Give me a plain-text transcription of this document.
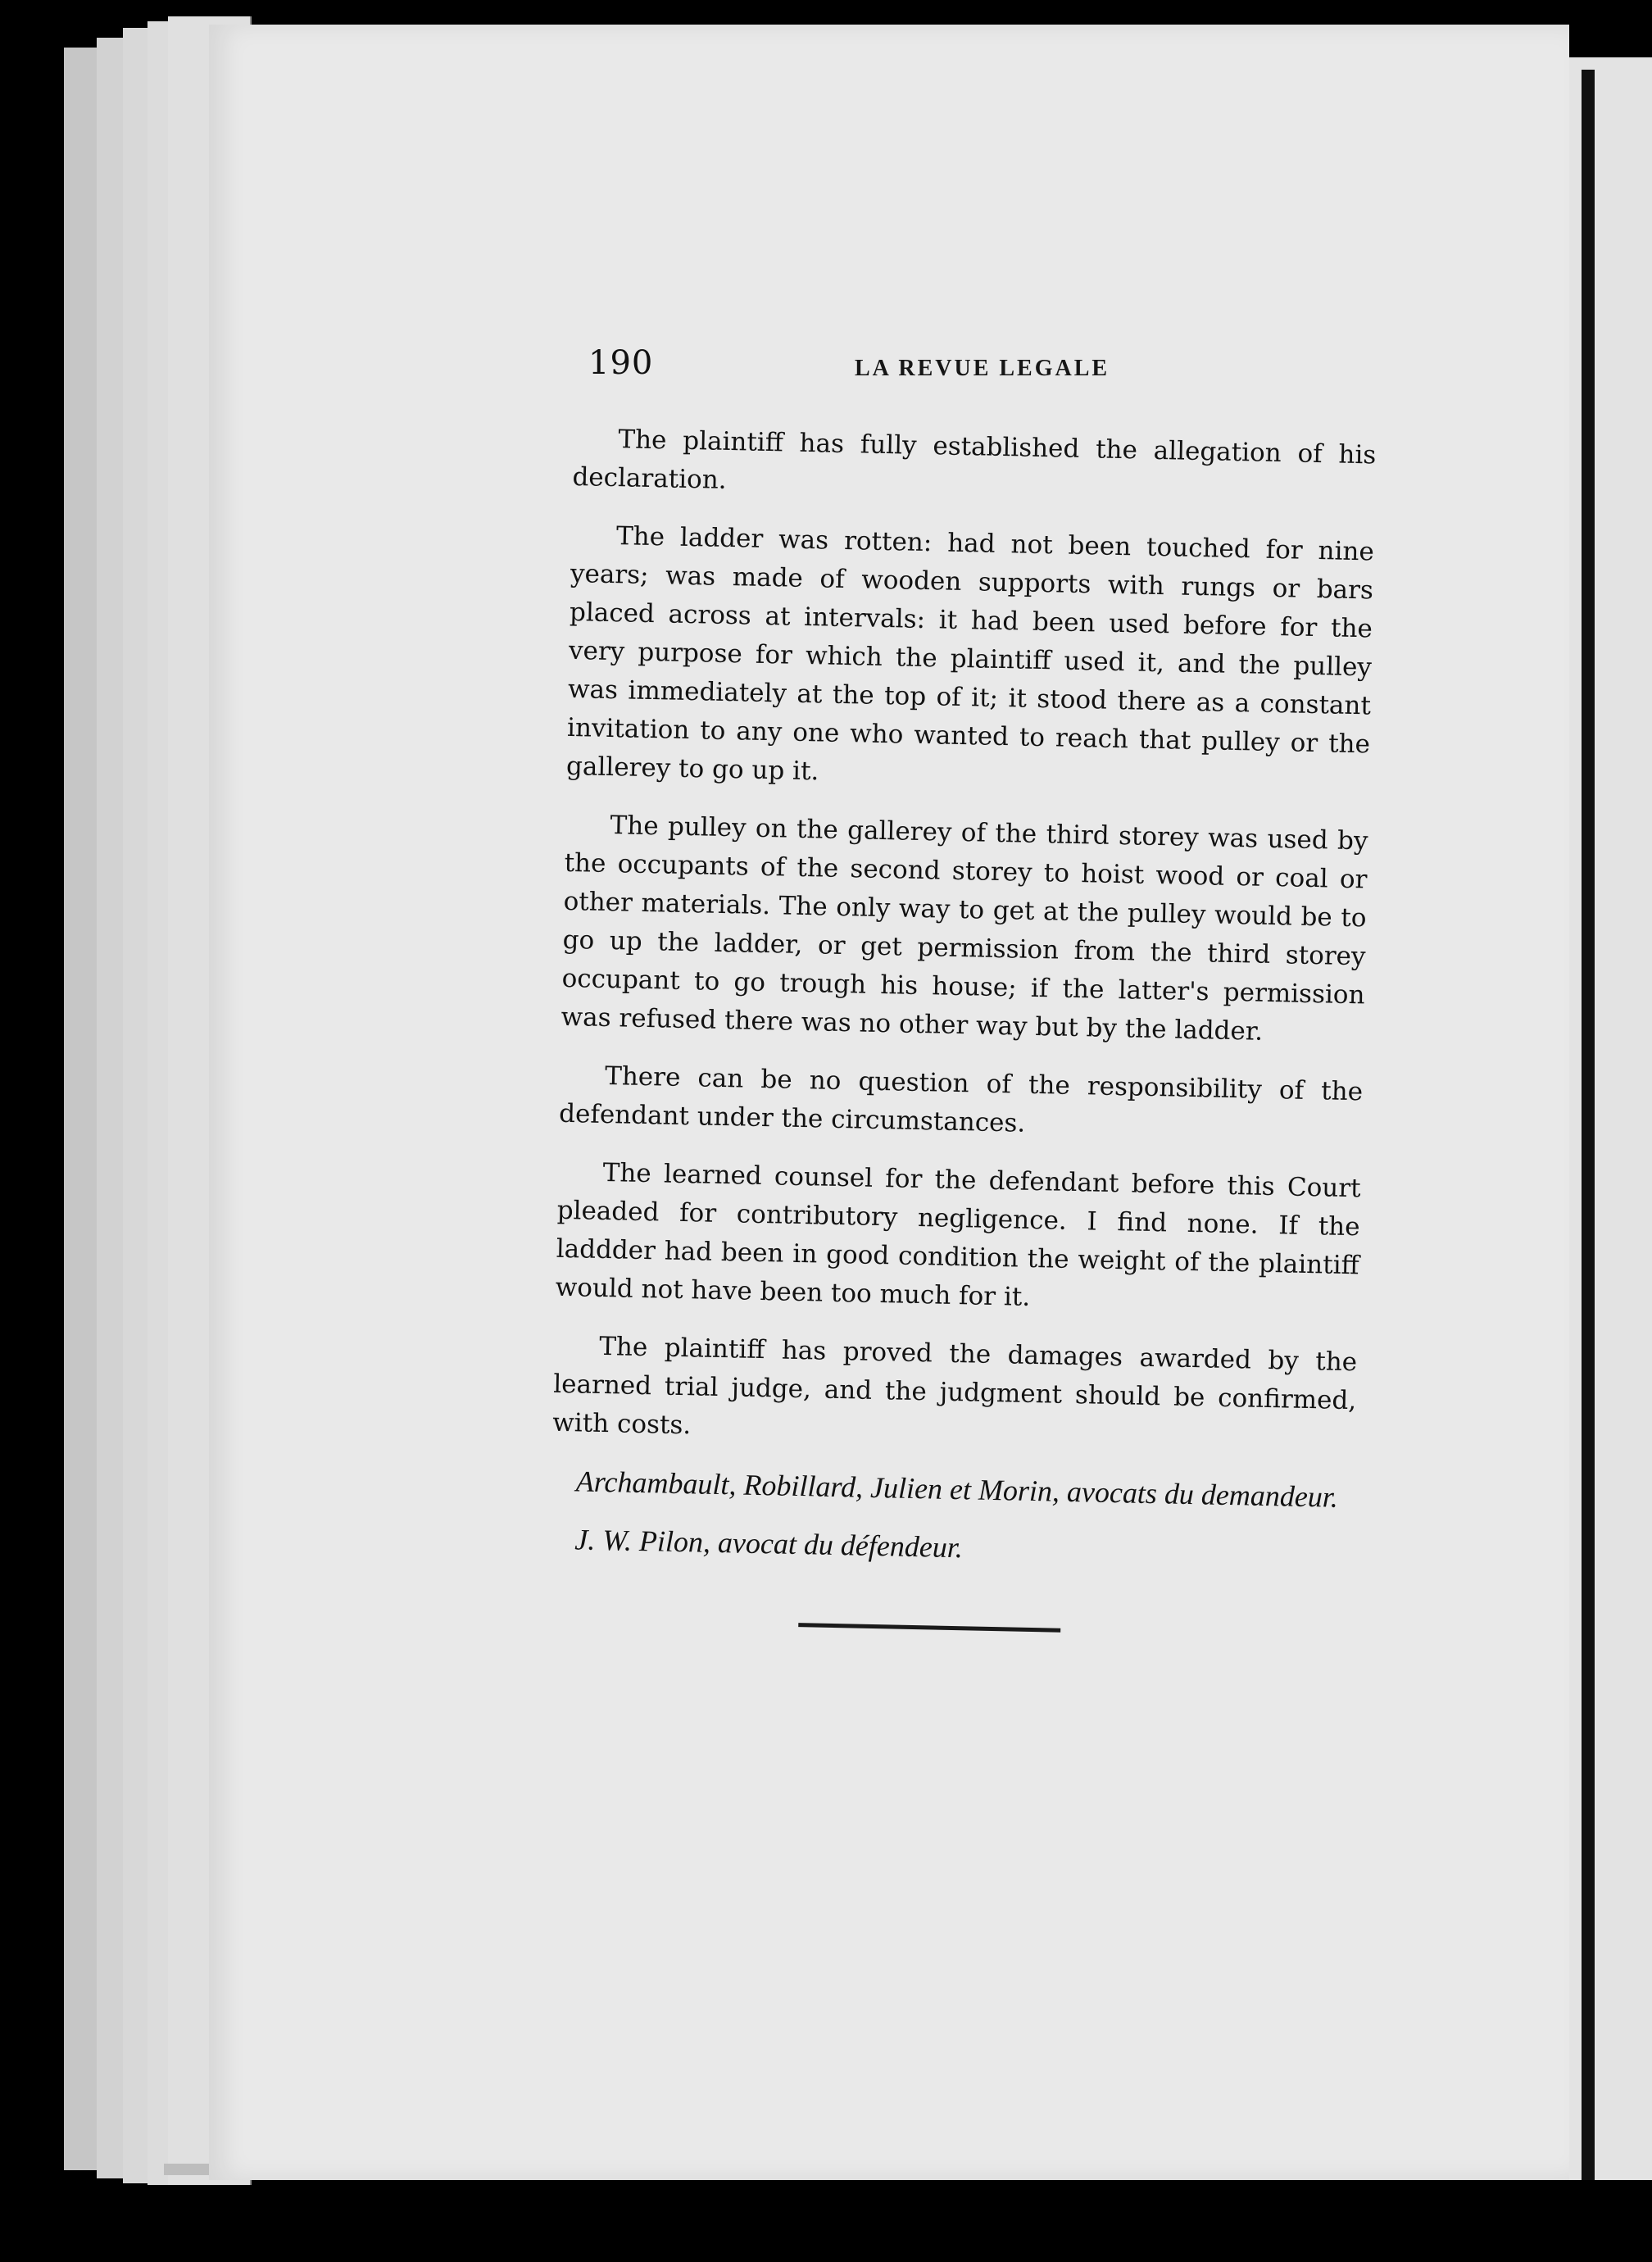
190	LA REVUE LEGALE

The plaintiff has fully established the allegation of his declaration.

The ladder was rotten: had not been touched for nine years; was made of wooden supports with rungs or bars placed across at intervals: it had been used before for the very purpose for which the plaintiff used it, and the pulley was immediately at the top of it; it stood there as a constant invitation to any one who wanted to reach that pulley or the gallerey to go up it.

The pulley on the gallerey of the third storey was used by the occupants of the second storey to hoist wood or coal or other materials. The only way to get at the pulley would be to go up the ladder, or get permission from the third storey occupant to go trough his house; if the latter's permission was refused there was no other way but by the ladder.

There can be no question of the responsibility of the defendant under the circumstances.

The learned counsel for the defendant before this Court pleaded for contributory negligence. I find none. If the laddder had been in good condition the weight of the plaintiff would not have been too much for it.

The plaintiff has proved the damages awarded by the learned trial judge, and the judgment should be confirmed, with costs.

Archambault, Robillard, Julien et Morin, avocats du demandeur.

J. W. Pilon, avocat du défendeur.
